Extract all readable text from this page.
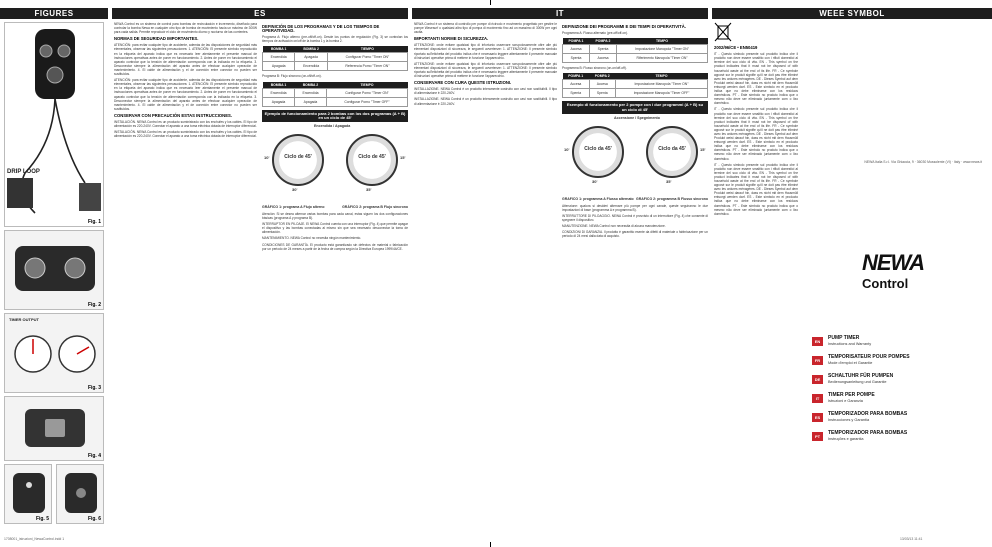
FIGURES	ES	IT	WEEE SYMBOL
DRIP LOOP
Fig. 1
Fig. 2
TIMER OUTPUT
Fig. 3
Fig. 4
Fig. 5	Fig. 6

NEWA Control es un sistema de control para bombas de recirculación e incremento, diseñado para controlar la bomba Newa en cualquier otro tipo de bomba de movimiento hacia un máximo de 300W para cada salida. Permite reproducir el ciclo de movimiento diurno y nocturno de las corrientes.

NORMAS DE SEGURIDAD IMPORTANTES.

ATENCIÓN: para evitar cualquier tipo de accidente, además de las disposiciones de seguridad más elementales, observar las siguientes precauciones: 1. ATENCIÓN: El presente símbolo reproducido en la etiqueta del aparato indica que es necesario leer atentamente el presente manual de instrucciones operativas antes de poner en funcionamiento. 2. Antes de poner en funcionamiento el aparato controlar que la tensión de alimentación corresponda con la indicada en la etiqueta. 3. Desconectar siempre la alimentación del aparato antes de efectuar cualquier operación de mantenimiento. 4. El cable de alimentación y el de conexión entre conector no pueden ser sustituidos.

ATENCIÓN: para evitar cualquier tipo de accidente, además de las disposiciones de seguridad más elementales, observar las siguientes precauciones: 1. ATENCIÓN: El presente símbolo reproducido en la etiqueta del aparato indica que es necesario leer atentamente el presente manual de instrucciones operativas antes de poner en funcionamiento. 2. Antes de poner en funcionamiento el aparato controlar que la tensión de alimentación corresponda con la indicada en la etiqueta. 3. Desconectar siempre la alimentación del aparato antes de efectuar cualquier operación de mantenimiento. 4. El cable de alimentación y el de conexión entre conector no pueden ser sustituidos.

CONSERVAR CON PRECAUCIÓN ESTAS INSTRUCCIONES.

INSTALACIÓN. NEWA Control es un producto suministrado con los enchufes y los cables. El tipo de alimentación es 220-240V. Conectar el aparato a una toma eléctrica dotada de interruptor diferencial.

INSTALACIÓN. NEWA Control es un producto suministrado con los enchufes y los cables. El tipo de alimentación es 220-240V. Conectar el aparato a una toma eléctrica dotada de interruptor diferencial.

DEFINICIÓN DE LOS PROGRAMAS Y DE LOS TIEMPOS DE OPERATIVIDAD.

Programa A: Flujo alterno (pre-off/off-on). Desde los puntos de regulación (Fig. 3) se controlan los tiempos de activación on/off de la bomba 1 y la bomba 2.

BOMBA 1	BOMBA 2	TIEMPO
Encendida	Apagada	Configurar Pomo "Timer ON"
Apagada	Encendida	Referencia Pomo "Timer ON"

Programa B: Flujo sincrono (on-off/off-on).

BOMBA 1	BOMBA 2	TIEMPO
Encendida	Encendida	Configurar Pomo "Timer ON"
Apagada	Apagada	Configurar Pomo "Timer OFF"
Ejemplo de funcionamiento para 2 bombas con los dos programas (A + B) en un ciclo de 45'
Encendida / Apagada
Ciclo de 45'	Ciclo de 45'
10'
30'
15'
35'
GRÁFICO 1: programa A Flujo alterno	GRÁFICO 2: programa B Flujo síncrono

Atención: Si se desea alternar varias bombas para cada canal, estas siguen los dos configuraciones básicas (programa A y programa B).

INTERRUPTOR EN PILOAJE. El NEWA Control cuenta con una interruptor (Fig. 4) que permite apagar el dispositivo y las bombas conectadas al mismo sin que sea necesario desconectar la toma de alimentación.

MANTENIMIENTO. NEWA Control no necesita ningún mantenimiento.

CONDICIONES DE GARANTÍA. El producto está garantizado sin defectos de material o fabricación por un periodo de 24 meses a partir de la fecha de compra según la Directiva Europea 1999/44/CE.

NEWA Control è un sistema di controllo per pompe di ricircolo e movimento progettato per gestire le pompe Wavesurf o qualsiasi altro tipo di pompa di movimento fino ad un massimo di 300W per ogni uscita.

IMPORTANTI NORME DI SICUREZZA.

ATTENZIONE: onde evitare qualsiasi tipo di infortunio osservare scrupolosamente oltre alle più elementari disposizioni di sicurezza, le seguenti avvertenze: 1. ATTENZIONE: Il presente simbolo riportato sull'etichetta del prodotto indica che è necessario leggere attentamente il presente manuale di istruzioni operative prima di mettere in funzione l'apparecchio.

ATTENZIONE: onde evitare qualsiasi tipo di infortunio osservare scrupolosamente oltre alle più elementari disposizioni di sicurezza, le seguenti avvertenze: 1. ATTENZIONE: Il presente simbolo riportato sull'etichetta del prodotto indica che è necessario leggere attentamente il presente manuale di istruzioni operative prima di mettere in funzione l'apparecchio.

CONSERVARE CON CURA QUESTE ISTRUZIONI.

INSTALLAZIONE. NEWA Control è un prodotto interamente costruito con cavi non sostituibili. Il tipo di alimentazione è 220-240V.

INSTALLAZIONE. NEWA Control è un prodotto interamente costruito con cavi non sostituibili. Il tipo di alimentazione è 220-240V.

DEFINIZIONE DEI PROGRAMMI E DEI TEMPI DI OPERATIVITÀ.

Programma A: Flusso alternato (pre-off/off-on).

POMPA 1	POMPA 2	TEMPO
Accesa	Spenta	Impostazione Manopola "Timer ON"
Spenta	Accesa	Riferimento Manopola "Timer ON"

Programma B: Flusso sincrono (on-on/off-off).

POMPA 1	POMPA 2	TEMPO
Accesa	Accesa	Impostazione Manopola "Timer ON"
Spenta	Spenta	Impostazione Manopola "Timer OFF"
Esempio di funzionamento per 2 pompe con i due programmi (A + B) su un ciclo di 45'
Accensione / Spegnimento
Ciclo da 45'	Ciclo da 45'
10'
30'
15'
35'
GRAFICO 1: programma A Flusso alternato GRAFICO 2: programma B Flusso sincrono

Attenzione: qualora si desideri alternare più pompe per ogni canale, queste seguiranno le due impostazioni di base (programma A e programma B).

INTERRUTTORE DI PILOAGGIO. NEWA Control è provvisto di un interruttore (Fig. 4) che consente di spegnere il dispositivo.

MANUTENZIONE. NEWA Control non necessita di alcuna manutenzione.

CONDIZIONI DI GARANZIA. Il prodotto è garantito esente da difetti di materiale o fabbricazione per un periodo di 24 mesi dalla data di acquisto.

2002/96/CE • EN50419

IT - Questo simbolo presente sul prodotto indica che il prodotto non deve essere smaltito con i rifiuti domestici al termine del suo ciclo di vita. EN - This symbol on the product indicates that it must not be disposed of with household waste at the end of its life. FR - Ce symbole apposé sur le produit signifie qu'il ne doit pas être éliminé avec les ordures ménagères. DE - Dieses Symbol auf dem Produkt weist darauf hin, dass es nicht mit dem Hausmüll entsorgt werden darf. ES - Este símbolo en el producto indica que no debe eliminarse con los residuos domésticos. PT - Este símbolo no produto indica que o mesmo não deve ser eliminado juntamente com o lixo doméstico.

IT - Questo simbolo presente sul prodotto indica che il prodotto non deve essere smaltito con i rifiuti domestici al termine del suo ciclo di vita. EN - This symbol on the product indicates that it must not be disposed of with household waste at the end of its life. FR - Ce symbole apposé sur le produit signifie qu'il ne doit pas être éliminé avec les ordures ménagères. DE - Dieses Symbol auf dem Produkt weist darauf hin, dass es nicht mit dem Hausmüll entsorgt werden darf. ES - Este símbolo en el producto indica que no debe eliminarse con los residuos domésticos. PT - Este símbolo no produto indica que o mesmo não deve ser eliminado juntamente com o lixo doméstico.

IT - Questo simbolo presente sul prodotto indica che il prodotto non deve essere smaltito con i rifiuti domestici al termine del suo ciclo di vita. EN - This symbol on the product indicates that it must not be disposed of with household waste at the end of its life. FR - Ce symbole apposé sur le produit signifie qu'il ne doit pas être éliminé avec les ordures ménagères. DE - Dieses Symbol auf dem Produkt weist darauf hin, dass es nicht mit dem Hausmüll entsorgt werden darf. ES - Este símbolo en el producto indica que no debe eliminarse con los residuos domésticos. PT - Este símbolo no produto indica que o mesmo não deve ser eliminado juntamente com o lixo doméstico.

NEWA Italia S.r.l. Via Ghiaccia, 9 · 36030 Mussolente (VI) · Italy · www.newa.it
NEWA
Control
EN
PUMP TIMER
Instructions and Warranty
FR
TEMPORISATEUR POUR POMPES
Mode d'emploi et Garantie
DE
SCHALTUHR FÜR PUMPEN
Bedienungsanleitung und Garantie
IT
TIMER PER POMPE
Istruzioni e Garanzia
ES
TEMPORIZADOR PARA BOMBAS
Instrucciones y Garantía
PT
TEMPORIZADOR PARA BOMBAS
Instruções e garantia
1708001_istruzioni_NewaControl.indd 1	13/03/13 11:41
